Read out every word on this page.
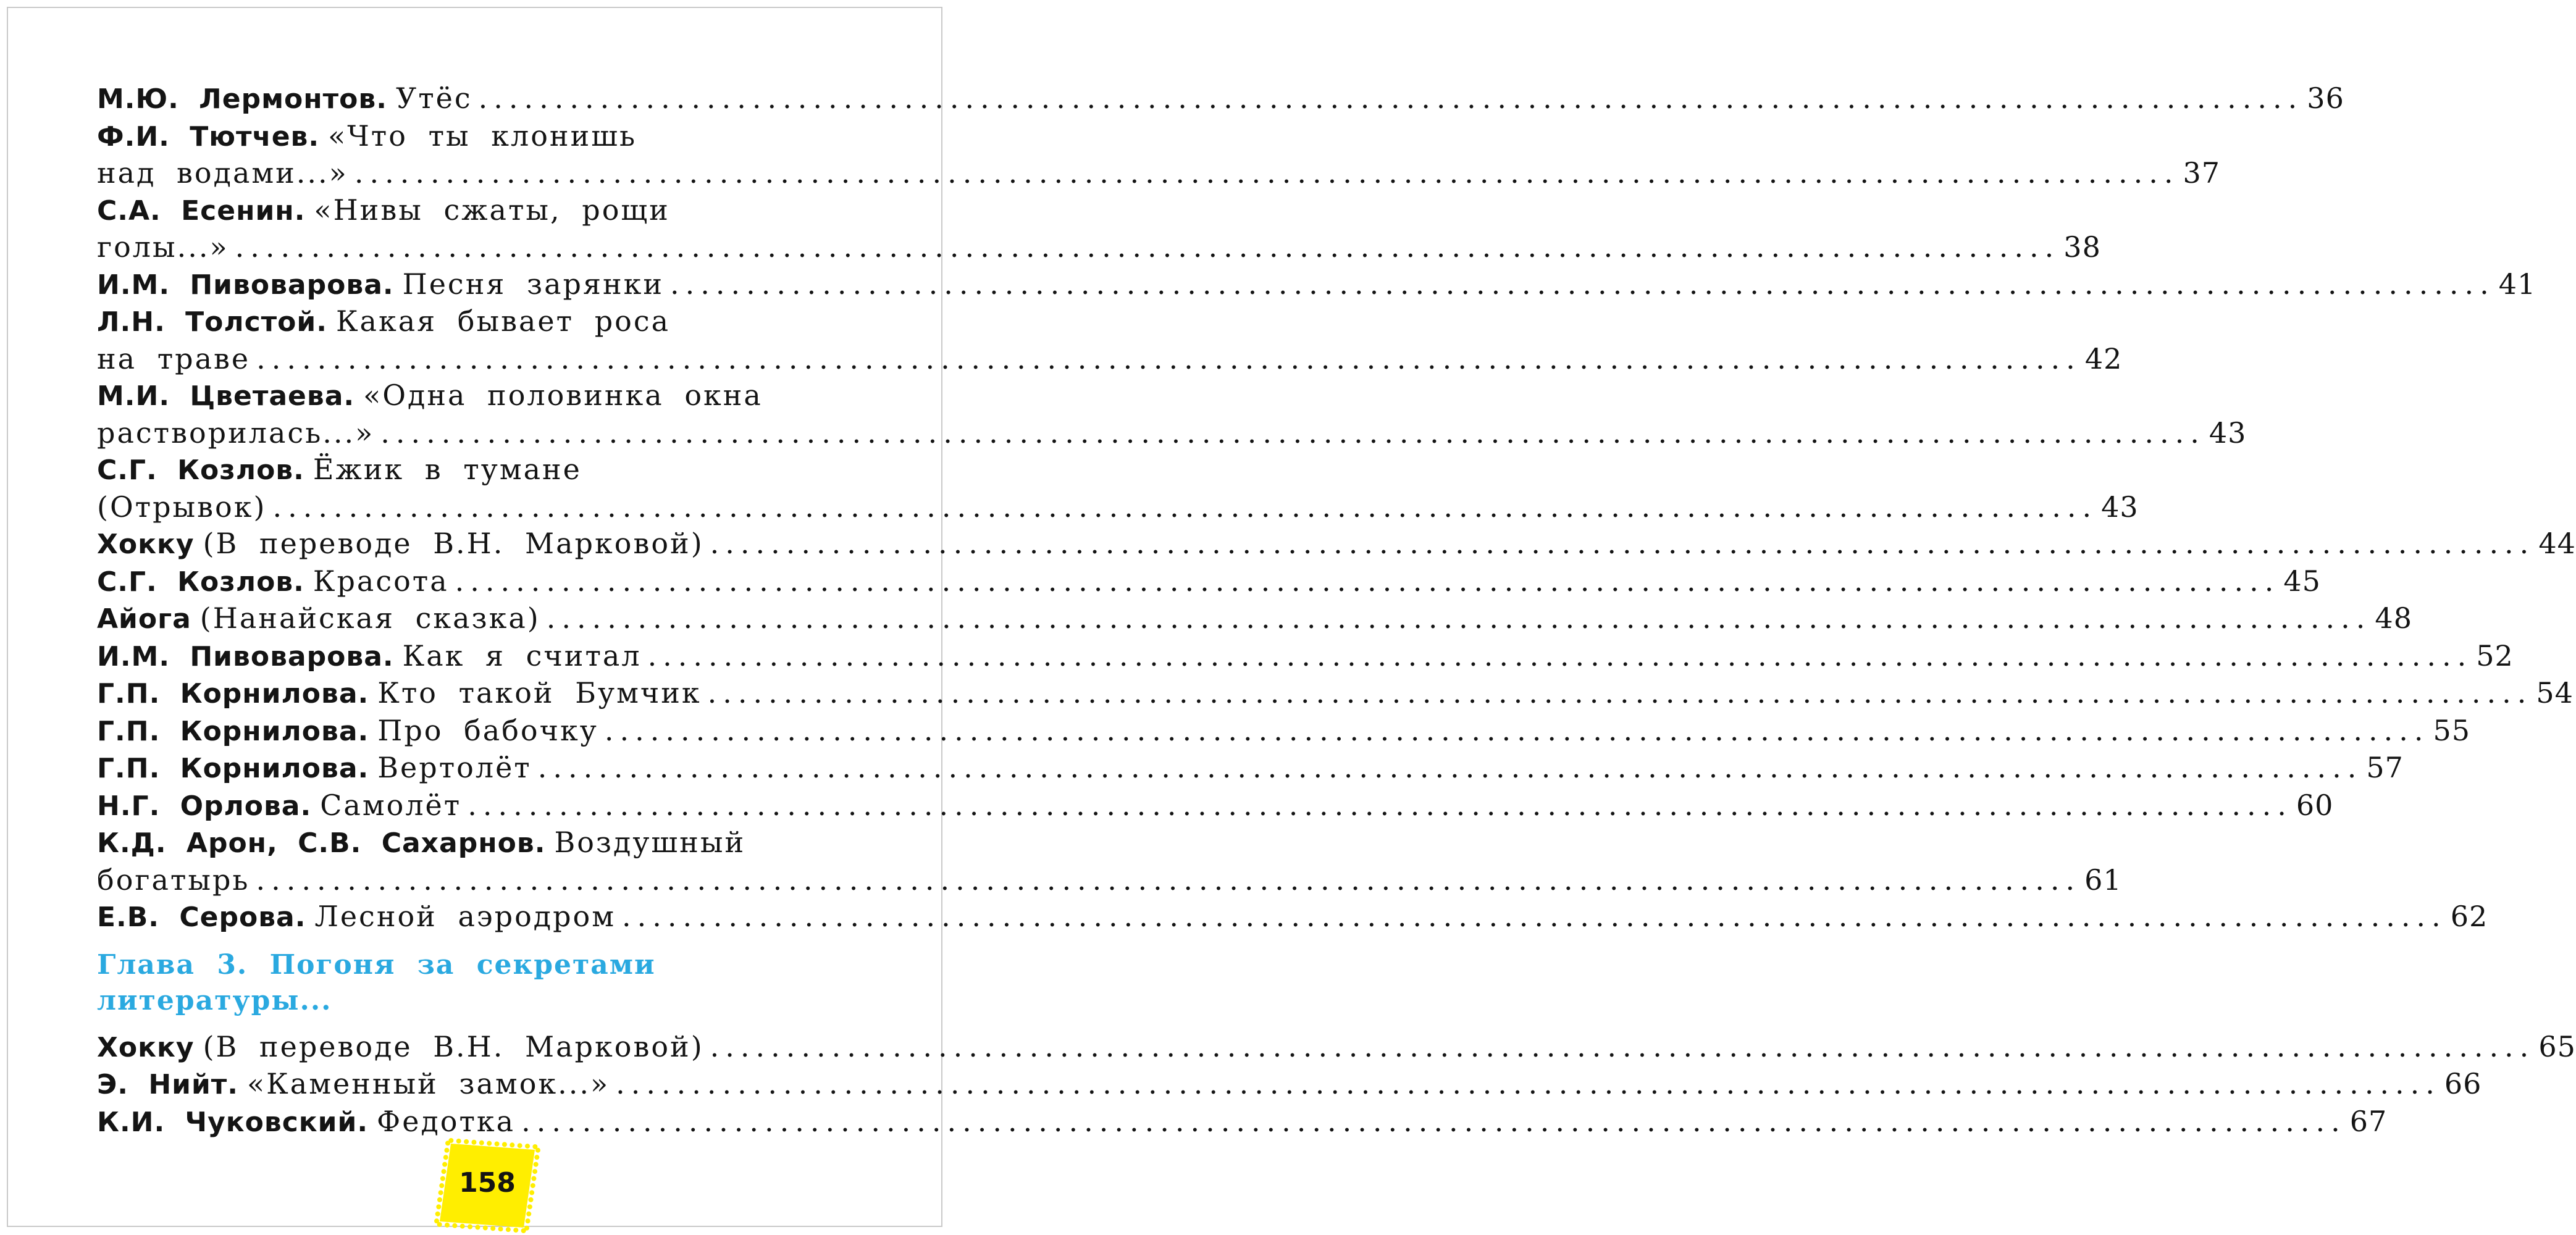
М.Ю. Лермонтов. Утёс ........................................................................................................................ 36
Ф.И. Тютчев. «Что ты клонишь
над водами...» ........................................................................................................................ 37
С.А. Есенин. «Нивы сжаты, рощи
голы...» ........................................................................................................................ 38
И.М. Пивоварова. Песня зарянки ........................................................................................................................ 41
Л.Н. Толстой. Какая бывает роса
на траве ........................................................................................................................ 42
М.И. Цветаева. «Одна половинка окна
растворилась...» ........................................................................................................................ 43
С.Г. Козлов. Ёжик в тумане
(Отрывок) ........................................................................................................................ 43
Хокку (В переводе В.Н. Марковой) ........................................................................................................................ 44
С.Г. Козлов. Красота ........................................................................................................................ 45
Айога (Нанайская сказка) ........................................................................................................................ 48
И.М. Пивоварова. Как я считал ........................................................................................................................ 52
Г.П. Корнилова. Кто такой Бумчик ........................................................................................................................ 54
Г.П. Корнилова. Про бабочку ........................................................................................................................ 55
Г.П. Корнилова. Вертолёт ........................................................................................................................ 57
Н.Г. Орлова. Самолёт ........................................................................................................................ 60
К.Д. Арон, С.В. Сахарнов. Воздушный
богатырь ........................................................................................................................ 61
Е.В. Серова. Лесной аэродром ........................................................................................................................ 62
Глава 3. Погоня за секретами
литературы...
Хокку (В переводе В.Н. Марковой) ........................................................................................................................ 65
Э. Нийт. «Каменный замок...» ........................................................................................................................ 66
К.И. Чуковский. Федотка ........................................................................................................................ 67
158
